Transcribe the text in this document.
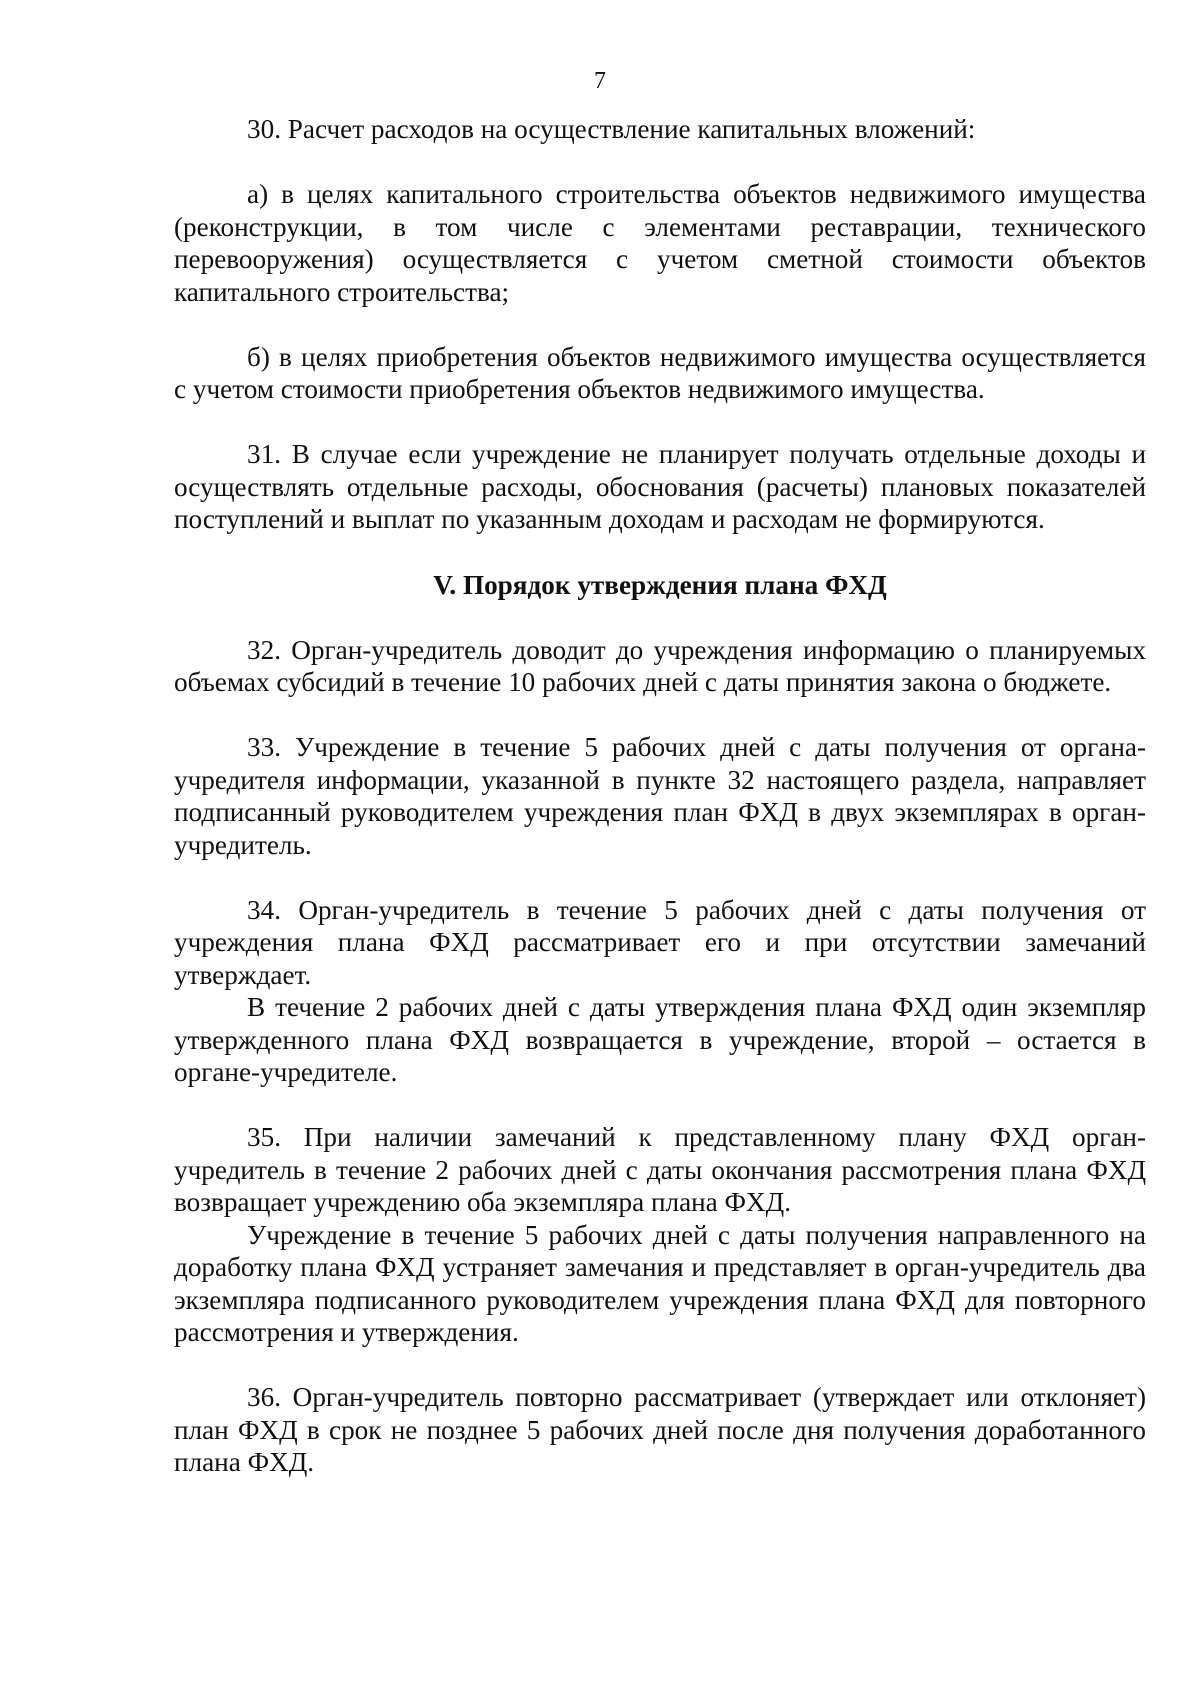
7

30. Расчет расходов на осуществление капитальных вложений:

а) в целях капитального строительства объектов недвижимого имущества (реконструкции, в том числе с элементами реставрации, технического перевооружения) осуществляется с учетом сметной стоимости объектов капитального строительства;

б) в целях приобретения объектов недвижимого имущества осуществляется с учетом стоимости приобретения объектов недвижимого имущества.

31. В случае если учреждение не планирует получать отдельные доходы и осуществлять отдельные расходы, обоснования (расчеты) плановых показателей поступлений и выплат по указанным доходам и расходам не формируются.

V. Порядок утверждения плана ФХД

32. Орган-учредитель доводит до учреждения информацию о планируемых объемах субсидий в течение 10 рабочих дней с даты принятия закона о бюджете.

33. Учреждение в течение 5 рабочих дней с даты получения от органа-учредителя информации, указанной в пункте 32 настоящего раздела, направляет подписанный руководителем учреждения план ФХД в двух экземплярах в орган-учредитель.

34. Орган-учредитель в течение 5 рабочих дней с даты получения от учреждения плана ФХД рассматривает его и при отсутствии замечаний утверждает.

В течение 2 рабочих дней с даты утверждения плана ФХД один экземпляр утвержденного плана ФХД возвращается в учреждение, второй – остается в органе-учредителе.

35. При наличии замечаний к представленному плану ФХД орган-учредитель в течение 2 рабочих дней с даты окончания рассмотрения плана ФХД возвращает учреждению оба экземпляра плана ФХД.

Учреждение в течение 5 рабочих дней с даты получения направленного на доработку плана ФХД устраняет замечания и представляет в орган-учредитель два экземпляра подписанного руководителем учреждения плана ФХД для повторного рассмотрения и утверждения.

36. Орган-учредитель повторно рассматривает (утверждает или отклоняет) план ФХД в срок не позднее 5 рабочих дней после дня получения доработанного плана ФХД.
